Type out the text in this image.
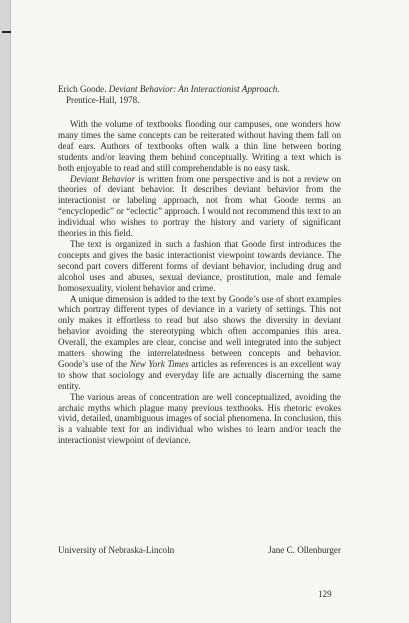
Erich Goode. Deviant Behavior: An Interactionist Approach.
Prentice-Hall, 1978.

With the volume of textbooks flooding our campuses, one wonders how many times the same concepts can be reiterated without having them fall on deaf ears. Authors of textbooks often walk a thin line between boring students and/or leaving them behind conceptually. Writing a text which is both enjoyable to read and still comprehendable is no easy task.

Deviant Behavior is written from one perspective and is not a review on theories of deviant behavior. It describes deviant behavior from the interactionist or labeling approach, not from what Goode terms an “encyclopedic” or “eclectic” approach. I would not recommend this text to an individual who wishes to portray the history and variety of significant theories in this field.

The text is organized in such a fashion that Goode first introduces the concepts and gives the basic interactionist viewpoint towards deviance. The second part covers different forms of deviant behavior, including drug and alcohol uses and abuses, sexual deviance, prostitution, male and female homosexuality, violent behavior and crime.

A unique dimension is added to the text by Goode’s use of short examples which portray different types of deviance in a variety of settings. This not only makes it effortless to read but also shows the diversity in deviant behavior avoiding the stereotyping which often accompanies this area. Overall, the examples are clear, concise and well integrated into the subject matters showing the interrelatedness between concepts and behavior. Goode’s use of the New York Times articles as references is an excellent way to show that sociology and everyday life are actually discerning the same entity.

The various areas of concentration are well conceptualized, avoiding the archaic myths which plague many previous textbooks. His rhetoric evokes vivid, detailed, unambiguous images of social phenomena. In conclusion, this is a valuable text for an individual who wishes to learn and/or teach the interactionist viewpoint of deviance.

University of Nebraska-Lincoln	Jane C. Ollenburger
129
